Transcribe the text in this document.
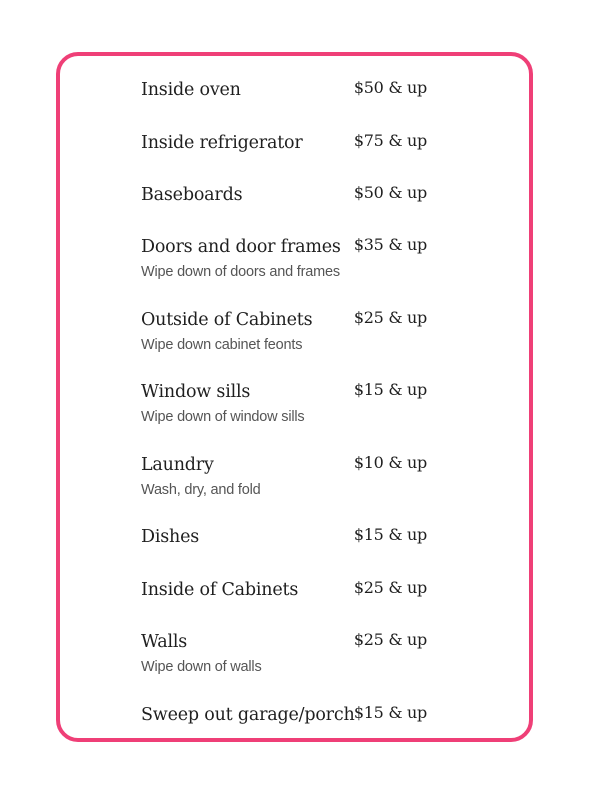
Inside oven	$50 & up
Inside refrigerator	$75 & up
Baseboards	$50 & up
Doors and door frames $35 & up
Wipe down of doors and frames
Outside of Cabinets	$25 & up
Wipe down cabinet feonts
Window sills	$15 & up
Wipe down of window sills
Laundry	$10 & up
Wash, dry, and fold
Dishes	$15 & up
Inside of Cabinets	$25 & up
Walls	$25 & up
Wipe down of walls
Sweep out garage/porch $15 & up
